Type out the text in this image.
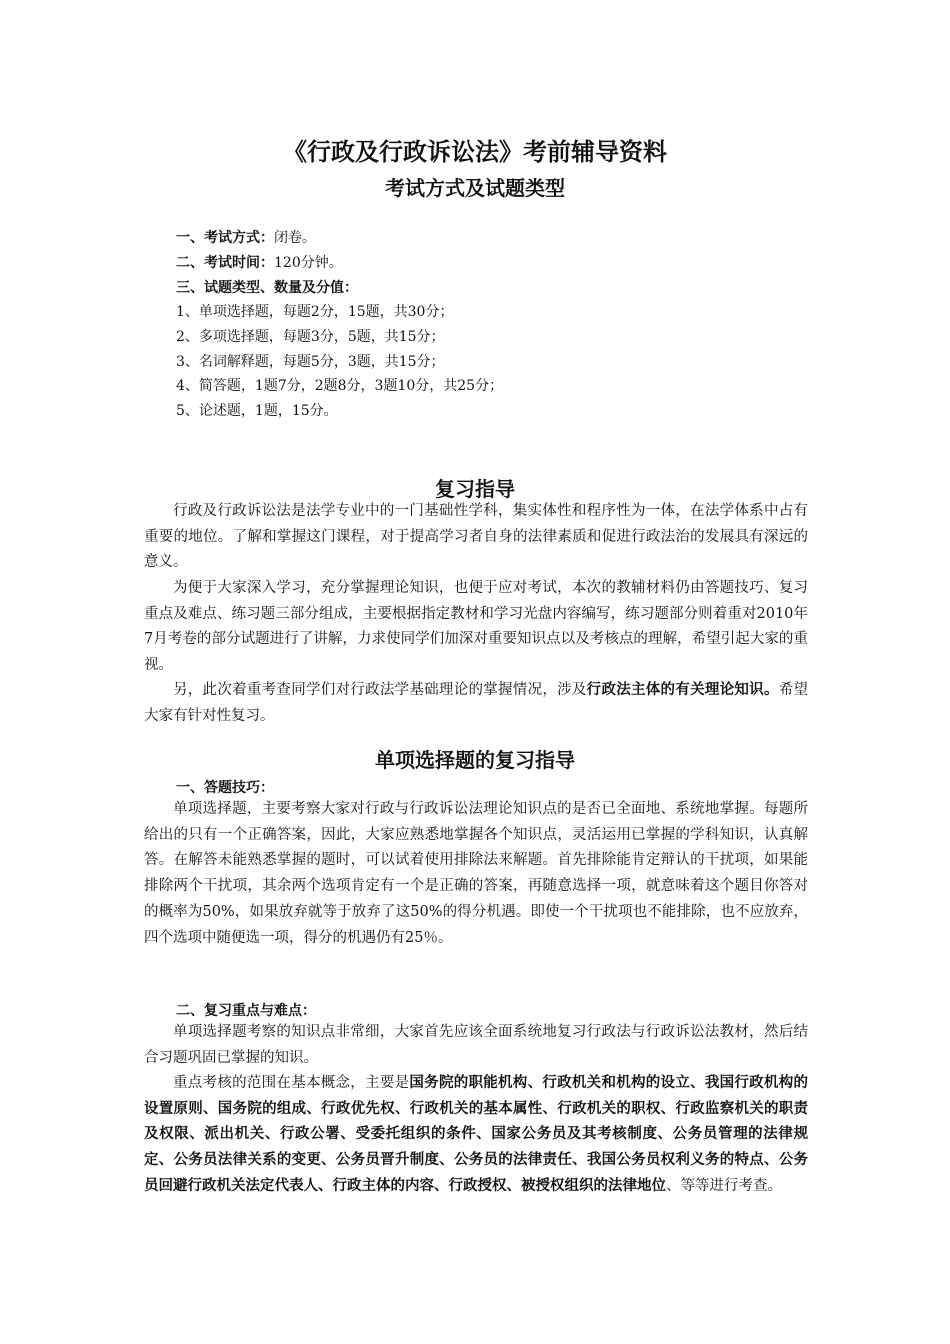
《行政及行政诉讼法》考前辅导资料
考试方式及试题类型

一、考试方式：闭卷。

二、考试时间：120分钟。

三、试题类型、数量及分值：

1、单项选择题，每题2分，15题，共30分；

2、多项选择题，每题3分，5题，共15分；

3、名词解释题，每题5分，3题，共15分；

4、简答题，1题7分，2题8分，3题10分，共25分；

5、论述题，1题，15分。

复习指导

行政及行政诉讼法是法学专业中的一门基础性学科，集实体性和程序性为一体，在法学体系中占有重要的地位。了解和掌握这门课程，对于提高学习者自身的法律素质和促进行政法治的发展具有深远的意义。

为便于大家深入学习，充分掌握理论知识，也便于应对考试，本次的教辅材料仍由答题技巧、复习重点及难点、练习题三部分组成，主要根据指定教材和学习光盘内容编写，练习题部分则着重对2010年7月考卷的部分试题进行了讲解，力求使同学们加深对重要知识点以及考核点的理解，希望引起大家的重视。

另，此次着重考查同学们对行政法学基础理论的掌握情况，涉及行政法主体的有关理论知识。希望大家有针对性复习。

单项选择题的复习指导

一、答题技巧：

单项选择题，主要考察大家对行政与行政诉讼法理论知识点的是否已全面地、系统地掌握。每题所给出的只有一个正确答案，因此，大家应熟悉地掌握各个知识点，灵活运用已掌握的学科知识，认真解答。在解答未能熟悉掌握的题时，可以试着使用排除法来解题。首先排除能肯定辩认的干扰项，如果能排除两个干扰项，其余两个选项肯定有一个是正确的答案，再随意选择一项，就意味着这个题目你答对的概率为50%，如果放弃就等于放弃了这50%的得分机遇。即使一个干扰项也不能排除，也不应放弃，四个选项中随便选一项，得分的机遇仍有25％。

二、复习重点与难点：

单项选择题考察的知识点非常细，大家首先应该全面系统地复习行政法与行政诉讼法教材，然后结合习题巩固已掌握的知识。

重点考核的范围在基本概念，主要是国务院的职能机构、行政机关和机构的设立、我国行政机构的设置原则、国务院的组成、行政优先权、行政机关的基本属性、行政机关的职权、行政监察机关的职责及权限、派出机关、行政公署、受委托组织的条件、国家公务员及其考核制度、公务员管理的法律规定、公务员法律关系的变更、公务员晋升制度、公务员的法律责任、我国公务员权利义务的特点、公务员回避行政机关法定代表人、行政主体的内容、行政授权、被授权组织的法律地位、等等进行考查。
